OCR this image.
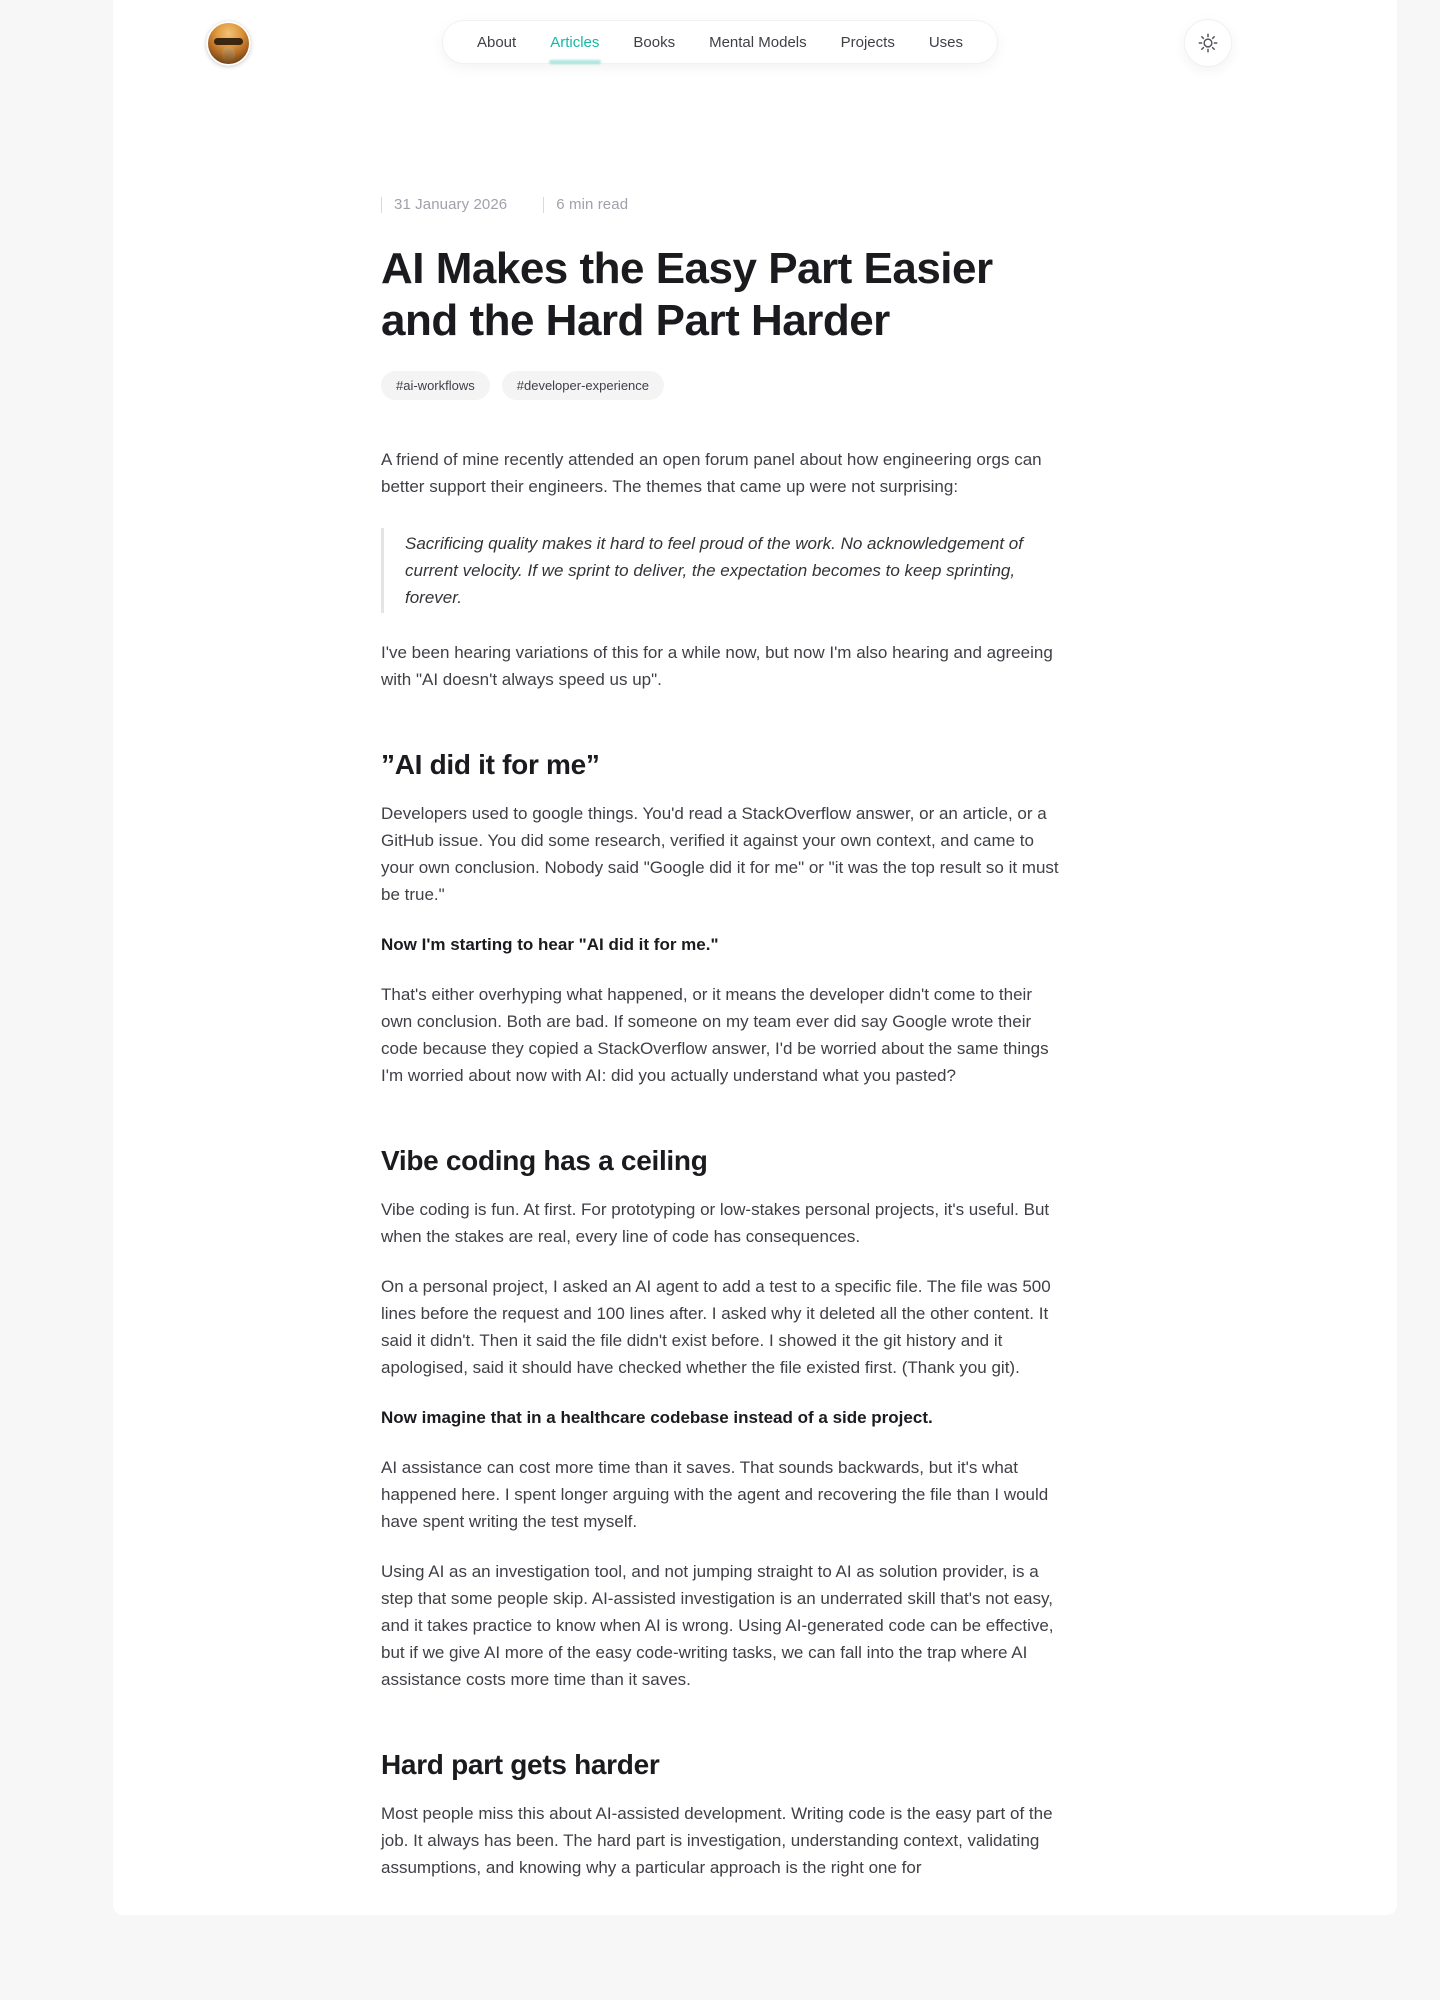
About Articles Books Mental Models Projects Uses
31 January 2026	6 min read
AI Makes the Easy Part Easier and the Hard Part Harder
#ai-workflows	#developer-experience

A friend of mine recently attended an open forum panel about how engineering orgs can better support their engineers. The themes that came up were not surprising:

Sacrificing quality makes it hard to feel proud of the work. No acknowledgement of current velocity. If we sprint to deliver, the expectation becomes to keep sprinting, forever.

I've been hearing variations of this for a while now, but now I'm also hearing and agreeing with "AI doesn't always speed us up".

”AI did it for me”

Developers used to google things. You'd read a StackOverflow answer, or an article, or a GitHub issue. You did some research, verified it against your own context, and came to your own conclusion. Nobody said "Google did it for me" or "it was the top result so it must be true."

Now I'm starting to hear "AI did it for me."

That's either overhyping what happened, or it means the developer didn't come to their own conclusion. Both are bad. If someone on my team ever did say Google wrote their code because they copied a StackOverflow answer, I'd be worried about the same things I'm worried about now with AI: did you actually understand what you pasted?

Vibe coding has a ceiling

Vibe coding is fun. At first. For prototyping or low-stakes personal projects, it's useful. But when the stakes are real, every line of code has consequences.

On a personal project, I asked an AI agent to add a test to a specific file. The file was 500 lines before the request and 100 lines after. I asked why it deleted all the other content. It said it didn't. Then it said the file didn't exist before. I showed it the git history and it apologised, said it should have checked whether the file existed first. (Thank you git).

Now imagine that in a healthcare codebase instead of a side project.

AI assistance can cost more time than it saves. That sounds backwards, but it's what happened here. I spent longer arguing with the agent and recovering the file than I would have spent writing the test myself.

Using AI as an investigation tool, and not jumping straight to AI as solution provider, is a step that some people skip. AI-assisted investigation is an underrated skill that's not easy, and it takes practice to know when AI is wrong. Using AI-generated code can be effective, but if we give AI more of the easy code-writing tasks, we can fall into the trap where AI assistance costs more time than it saves.

Hard part gets harder

Most people miss this about AI-assisted development. Writing code is the easy part of the job. It always has been. The hard part is investigation, understanding context, validating assumptions, and knowing why a particular approach is the right one for
